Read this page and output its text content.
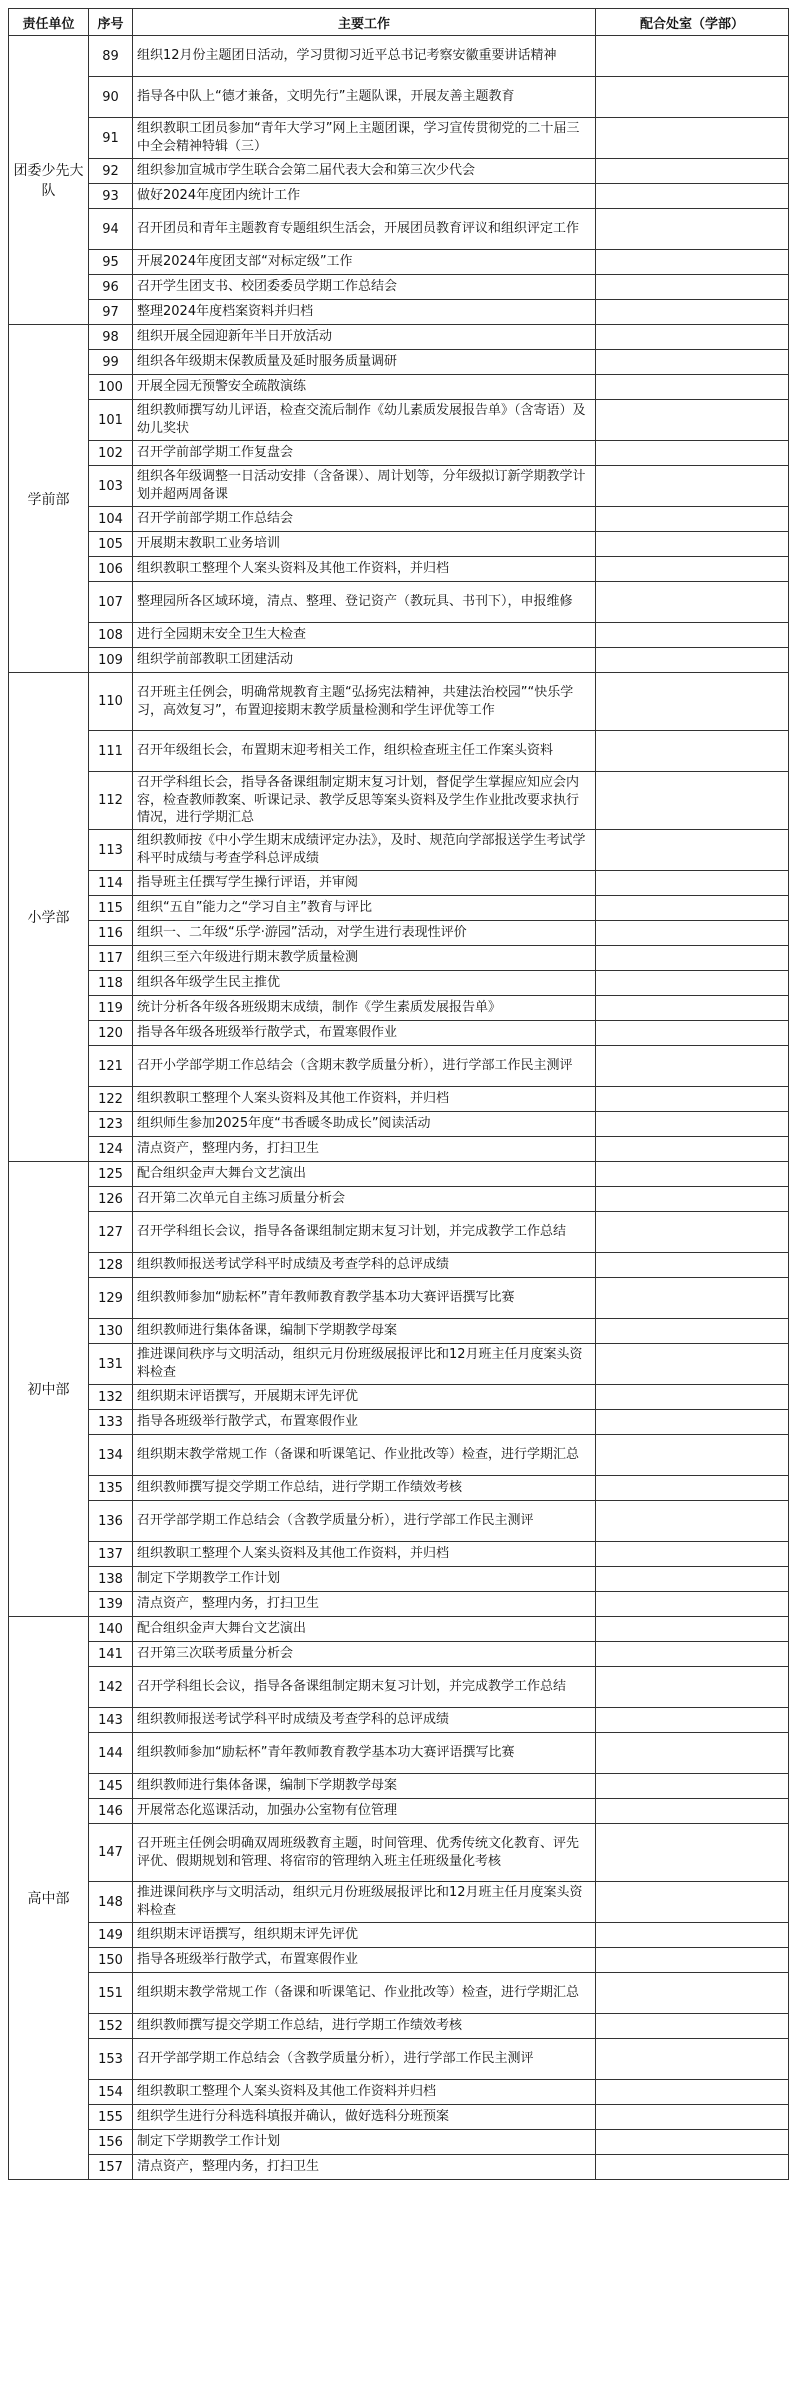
责任单位	序号	主要工作	配合处室（学部）
团委少先大队	89	组织12月份主题团日活动，学习贯彻习近平总书记考察安徽重要讲话精神	
	90	指导各中队上“德才兼备，文明先行”主题队课，开展友善主题教育	
	91	组织教职工团员参加“青年大学习”网上主题团课，学习宣传贯彻党的二十届三中全会精神特辑（三）	
	92	组织参加宣城市学生联合会第二届代表大会和第三次少代会	
	93	做好2024年度团内统计工作	
	94	召开团员和青年主题教育专题组织生活会，开展团员教育评议和组织评定工作	
	95	开展2024年度团支部“对标定级”工作	
	96	召开学生团支书、校团委委员学期工作总结会	
	97	整理2024年度档案资料并归档	
学前部	98	组织开展全园迎新年半日开放活动	
	99	组织各年级期末保教质量及延时服务质量调研	
	100	开展全园无预警安全疏散演练	
	101	组织教师撰写幼儿评语，检查交流后制作《幼儿素质发展报告单》（含寄语）及幼儿奖状	
	102	召开学前部学期工作复盘会	
	103	组织各年级调整一日活动安排（含备课）、周计划等，分年级拟订新学期教学计划并超两周备课	
	104	召开学前部学期工作总结会	
	105	开展期末教职工业务培训	
	106	组织教职工整理个人案头资料及其他工作资料，并归档	
	107	整理园所各区域环境，清点、整理、登记资产（教玩具、书刊下），申报维修	
	108	进行全园期末安全卫生大检查	
	109	组织学前部教职工团建活动	
小学部	110	召开班主任例会，明确常规教育主题“弘扬宪法精神，共建法治校园”“快乐学习，高效复习”，布置迎接期末教学质量检测和学生评优等工作	
	111	召开年级组长会，布置期末迎考相关工作，组织检查班主任工作案头资料	
	112	召开学科组长会，指导各备课组制定期末复习计划，督促学生掌握应知应会内容，检查教师教案、听课记录、教学反思等案头资料及学生作业批改要求执行情况，进行学期汇总	
	113	组织教师按《中小学生期末成绩评定办法》，及时、规范向学部报送学生考试学科平时成绩与考查学科总评成绩	
	114	指导班主任撰写学生操行评语，并审阅	
	115	组织“五自”能力之“学习自主”教育与评比	
	116	组织一、二年级“乐学·游园”活动，对学生进行表现性评价	
	117	组织三至六年级进行期末教学质量检测	
	118	组织各年级学生民主推优	
	119	统计分析各年级各班级期末成绩，制作《学生素质发展报告单》	
	120	指导各年级各班级举行散学式，布置寒假作业	
	121	召开小学部学期工作总结会（含期末教学质量分析），进行学部工作民主测评	
	122	组织教职工整理个人案头资料及其他工作资料，并归档	
	123	组织师生参加2025年度“书香暖冬助成长”阅读活动	
	124	清点资产，整理内务，打扫卫生	
初中部	125	配合组织金声大舞台文艺演出	
	126	召开第二次单元自主练习质量分析会	
	127	召开学科组长会议，指导各备课组制定期末复习计划，并完成教学工作总结	
	128	组织教师报送考试学科平时成绩及考查学科的总评成绩	
	129	组织教师参加“励耘杯”青年教师教育教学基本功大赛评语撰写比赛	
	130	组织教师进行集体备课，编制下学期教学母案	
	131	推进课间秩序与文明活动，组织元月份班级展报评比和12月班主任月度案头资料检查	
	132	组织期末评语撰写，开展期末评先评优	
	133	指导各班级举行散学式，布置寒假作业	
	134	组织期末教学常规工作（备课和听课笔记、作业批改等）检查，进行学期汇总	
	135	组织教师撰写提交学期工作总结，进行学期工作绩效考核	
	136	召开学部学期工作总结会（含教学质量分析），进行学部工作民主测评	
	137	组织教职工整理个人案头资料及其他工作资料，并归档	
	138	制定下学期教学工作计划	
	139	清点资产，整理内务，打扫卫生	
高中部	140	配合组织金声大舞台文艺演出	
	141	召开第三次联考质量分析会	
	142	召开学科组长会议，指导各备课组制定期末复习计划，并完成教学工作总结	
	143	组织教师报送考试学科平时成绩及考查学科的总评成绩	
	144	组织教师参加“励耘杯”青年教师教育教学基本功大赛评语撰写比赛	
	145	组织教师进行集体备课，编制下学期教学母案	
	146	开展常态化巡课活动，加强办公室物有位管理	
	147	召开班主任例会明确双周班级教育主题，时间管理、优秀传统文化教育、评先评优、假期规划和管理、将宿帘的管理纳入班主任班级量化考核	
	148	推进课间秩序与文明活动，组织元月份班级展报评比和12月班主任月度案头资料检查	
	149	组织期末评语撰写，组织期末评先评优	
	150	指导各班级举行散学式，布置寒假作业	
	151	组织期末教学常规工作（备课和听课笔记、作业批改等）检查，进行学期汇总	
	152	组织教师撰写提交学期工作总结，进行学期工作绩效考核	
	153	召开学部学期工作总结会（含教学质量分析），进行学部工作民主测评	
	154	组织教职工整理个人案头资料及其他工作资料并归档	
	155	组织学生进行分科选科填报并确认，做好选科分班预案	
	156	制定下学期教学工作计划	
	157	清点资产，整理内务，打扫卫生	
